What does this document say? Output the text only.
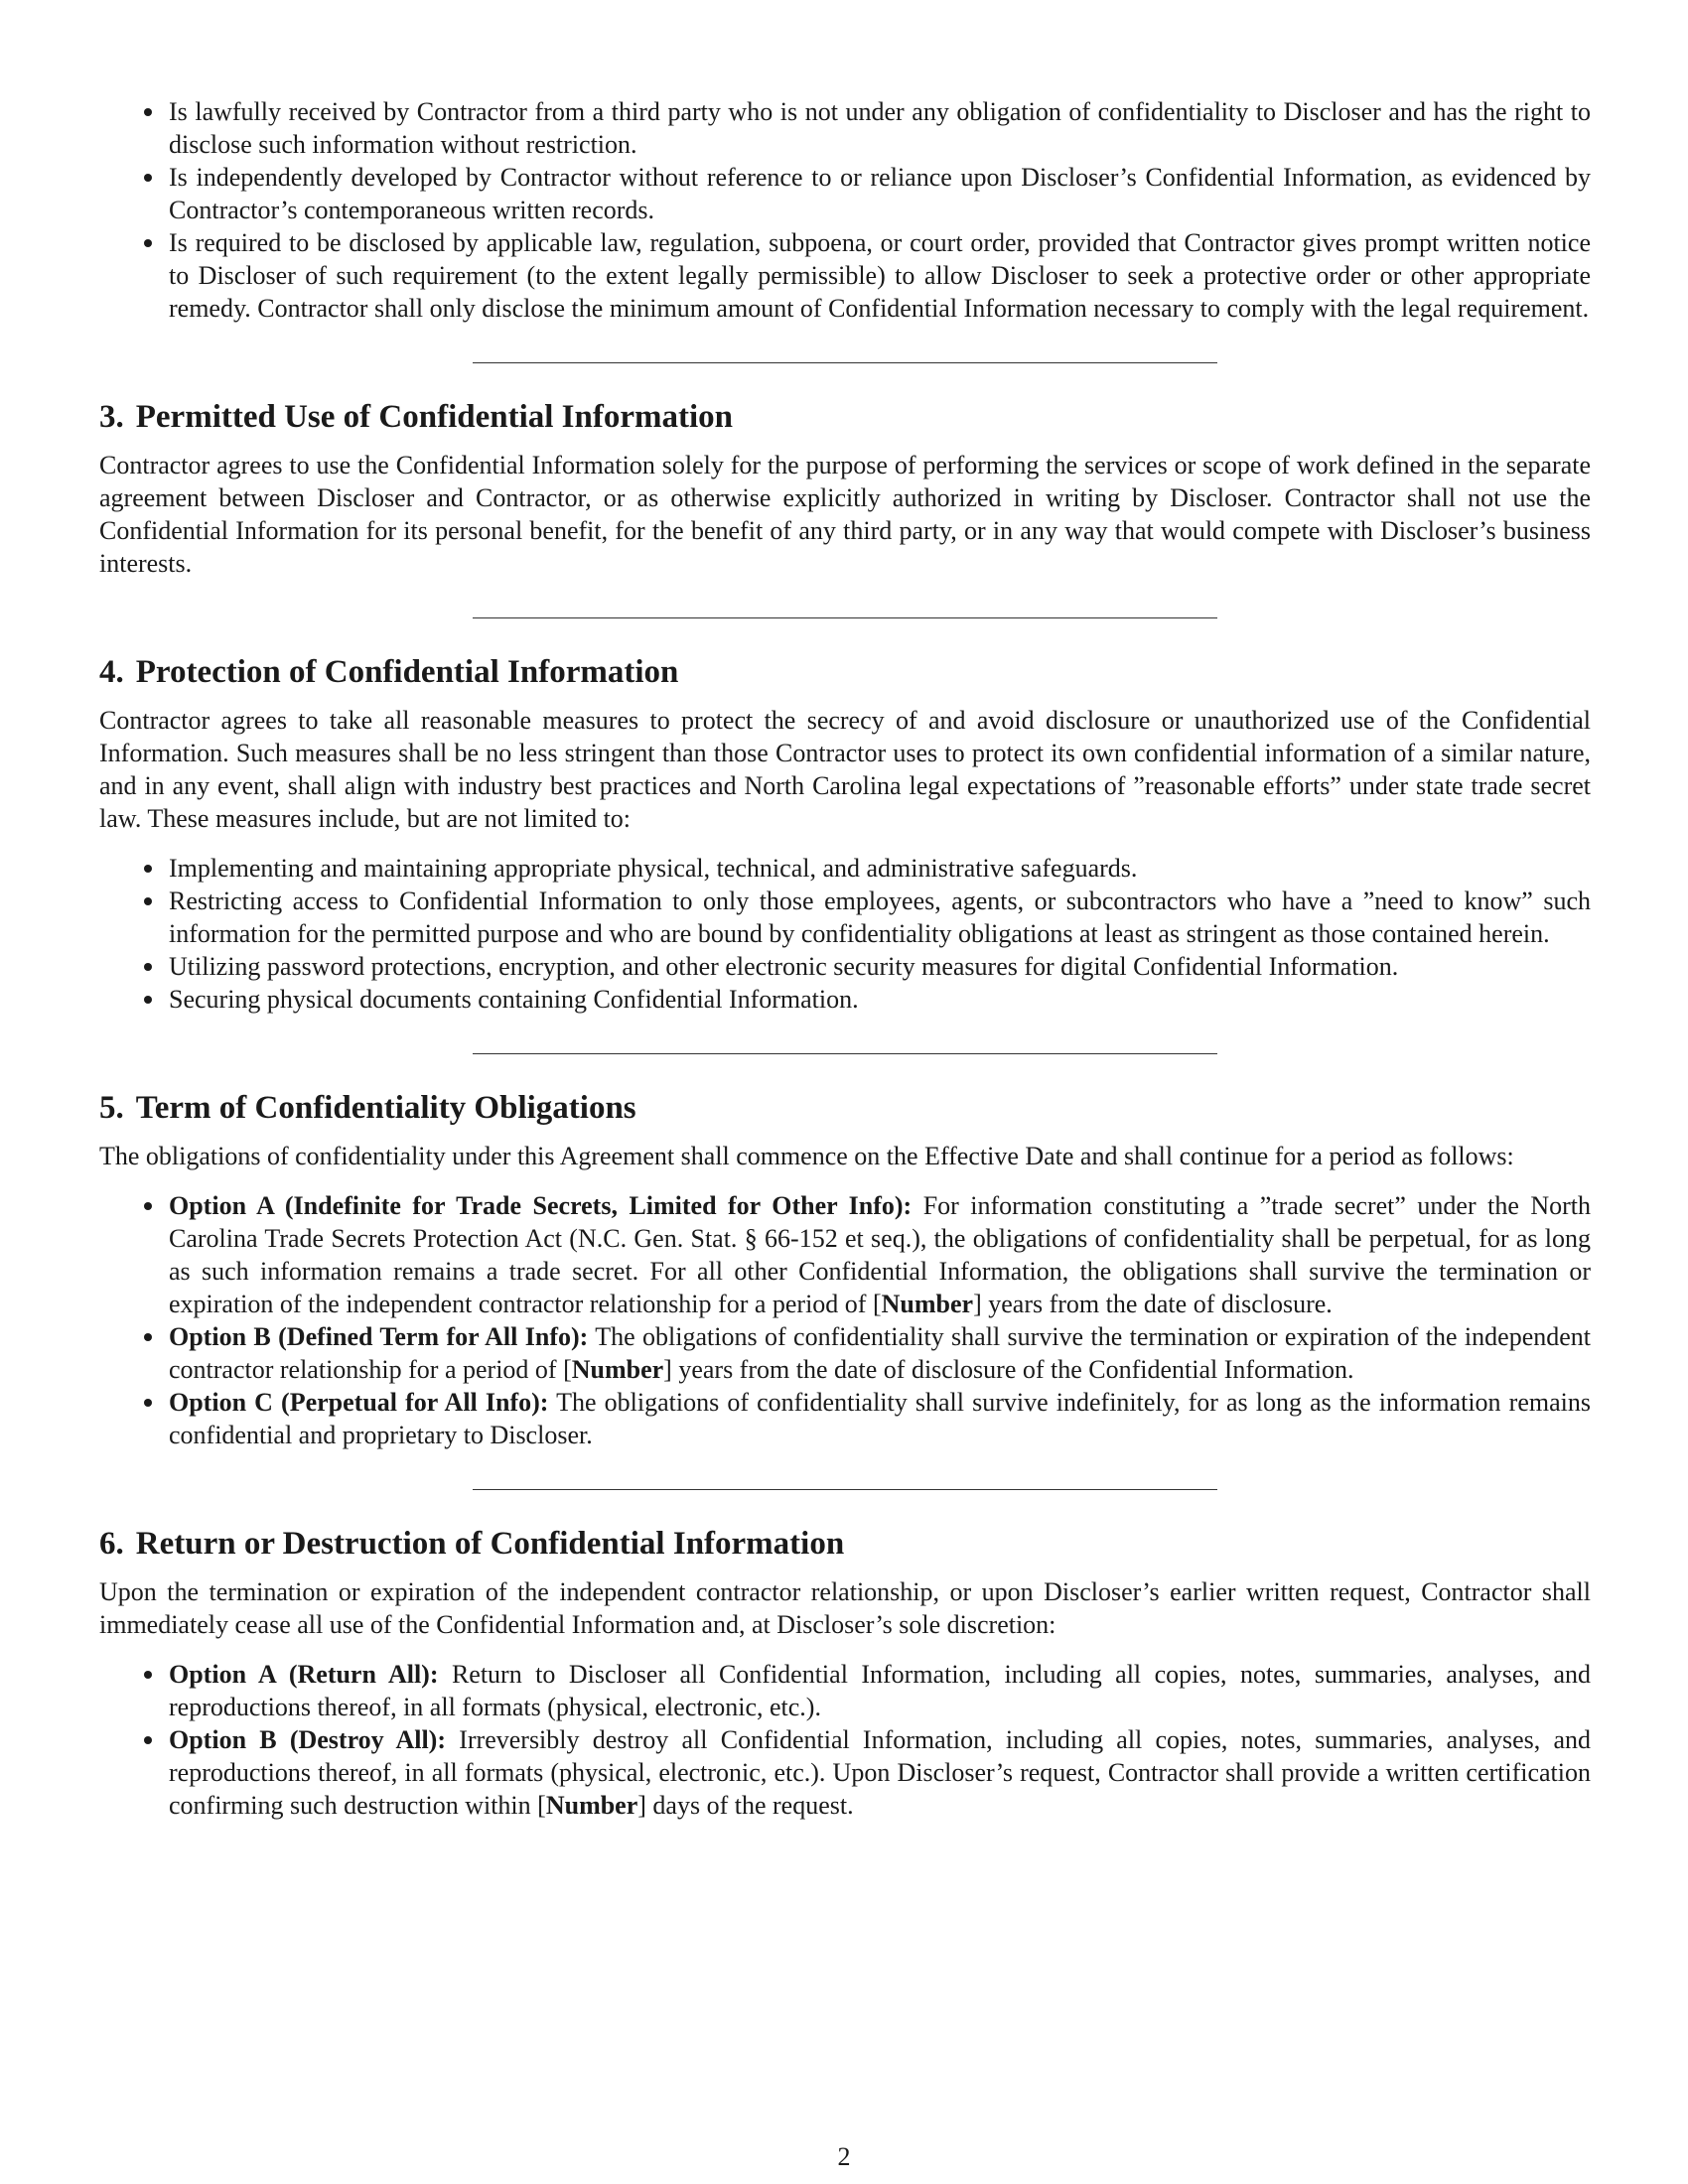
Is lawfully received by Contractor from a third party who is not under any obligation of confidentiality to Discloser and has the right to disclose such information without restriction.
Is independently developed by Contractor without reference to or reliance upon Discloser’s Confidential Information, as evidenced by Contractor’s contemporaneous written records.
Is required to be disclosed by applicable law, regulation, subpoena, or court order, provided that Contractor gives prompt written notice to Discloser of such requirement (to the extent legally permissible) to allow Discloser to seek a protective order or other appropriate remedy. Contractor shall only disclose the minimum amount of Confidential Information necessary to comply with the legal requirement.
3. Permitted Use of Confidential Information

Contractor agrees to use the Confidential Information solely for the purpose of performing the services or scope of work defined in the separate agreement between Discloser and Contractor, or as otherwise explicitly authorized in writing by Discloser. Contractor shall not use the Confidential Information for its personal benefit, for the benefit of any third party, or in any way that would compete with Discloser’s business interests.

4. Protection of Confidential Information

Contractor agrees to take all reasonable measures to protect the secrecy of and avoid disclosure or unauthorized use of the Confidential Information. Such measures shall be no less stringent than those Contractor uses to protect its own confidential information of a similar nature, and in any event, shall align with industry best practices and North Carolina legal expectations of ”reasonable efforts” under state trade secret law. These measures include, but are not limited to:

Implementing and maintaining appropriate physical, technical, and administrative safeguards.
Restricting access to Confidential Information to only those employees, agents, or subcontractors who have a ”need to know” such information for the permitted purpose and who are bound by confidentiality obligations at least as stringent as those contained herein.
Utilizing password protections, encryption, and other electronic security measures for digital Confidential Information.
Securing physical documents containing Confidential Information.
5. Term of Confidentiality Obligations

The obligations of confidentiality under this Agreement shall commence on the Effective Date and shall continue for a period as follows:

Option A (Indefinite for Trade Secrets, Limited for Other Info): For information constituting a ”trade secret” under the North Carolina Trade Secrets Protection Act (N.C. Gen. Stat. § 66-152 et seq.), the obligations of confidentiality shall be perpetual, for as long as such information remains a trade secret. For all other Confidential Information, the obligations shall survive the termination or expiration of the independent contractor relationship for a period of [Number] years from the date of disclosure.
Option B (Defined Term for All Info): The obligations of confidentiality shall survive the termination or expiration of the independent contractor relationship for a period of [Number] years from the date of disclosure of the Confidential Information.
Option C (Perpetual for All Info): The obligations of confidentiality shall survive indefinitely, for as long as the information remains confidential and proprietary to Discloser.
6. Return or Destruction of Confidential Information

Upon the termination or expiration of the independent contractor relationship, or upon Discloser’s earlier written request, Contractor shall immediately cease all use of the Confidential Information and, at Discloser’s sole discretion:

Option A (Return All): Return to Discloser all Confidential Information, including all copies, notes, summaries, analyses, and reproductions thereof, in all formats (physical, electronic, etc.).
Option B (Destroy All): Irreversibly destroy all Confidential Information, including all copies, notes, summaries, analyses, and reproductions thereof, in all formats (physical, electronic, etc.). Upon Discloser’s request, Contractor shall provide a written certification confirming such destruction within [Number] days of the request.
2
